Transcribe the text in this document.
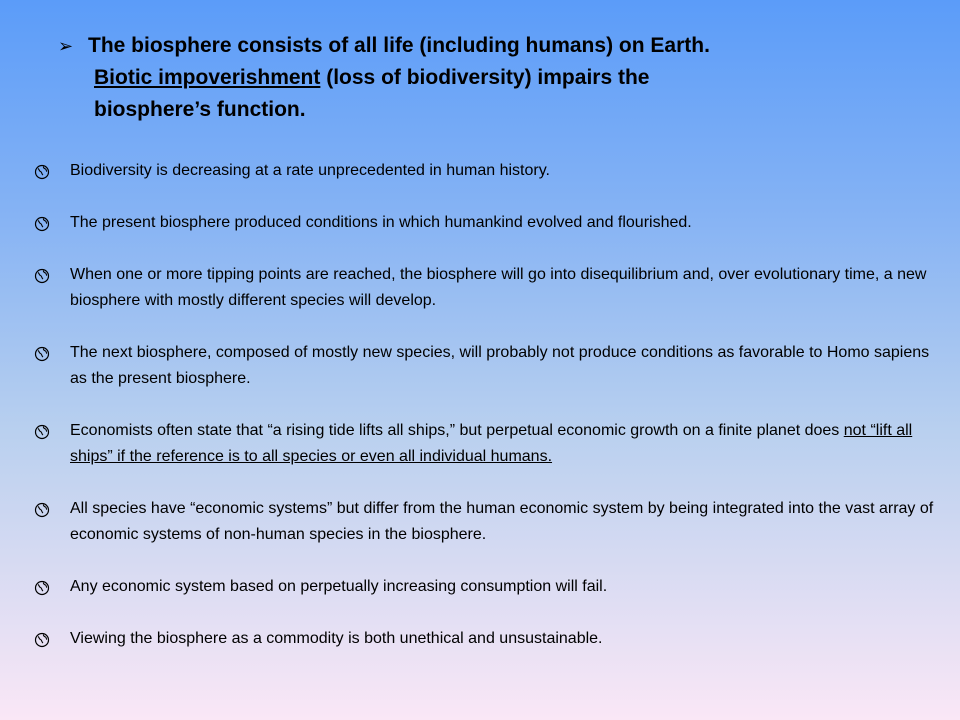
➢ The biosphere consists of all life (including humans) on Earth.
Biotic impoverishment (loss of biodiversity) impairs the
biosphere’s function.
Biodiversity is decreasing at a rate unprecedented in human history.
The present biosphere produced conditions in which humankind evolved and flourished.
When one or more tipping points are reached, the biosphere will go into disequilibrium and, over evolutionary time, a new biosphere with mostly different species will develop.
The next biosphere, composed of mostly new species, will probably not produce conditions as favorable to Homo sapiens as the present biosphere.
Economists often state that “a rising tide lifts all ships,” but perpetual economic growth on a finite planet does not “lift all ships” if the reference is to all species or even all individual humans.
All species have “economic systems” but differ from the human economic system by being integrated into the vast array of economic systems of non-human species in the biosphere.
Any economic system based on perpetually increasing consumption will fail.
Viewing the biosphere as a commodity is both unethical and unsustainable.
